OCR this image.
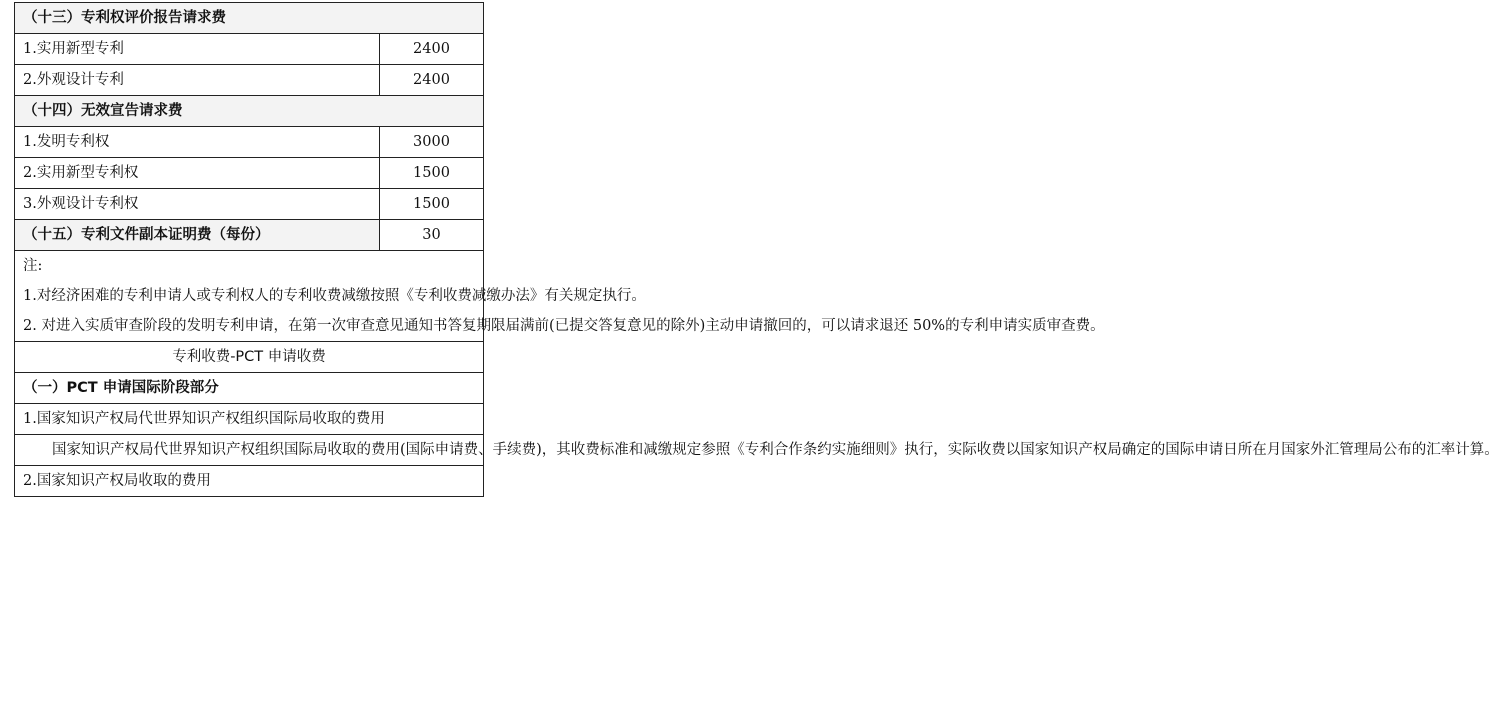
（十三）专利权评价报告请求费	
1.实用新型专利	2400
2.外观设计专利	2400
（十四）无效宣告请求费	
1.发明专利权	3000
2.实用新型专利权	1500
3.外观设计专利权	1500
（十五）专利文件副本证明费（每份）	30

注:

1.对经济困难的专利申请人或专利权人的专利收费减缴按照《专利收费减缴办法》有关规定执行。

2. 对进入实质审查阶段的发明专利申请，在第一次审查意见通知书答复期限届满前(已提交答复意见的除外)主动申请撤回的，可以请求退还 50%的专利申请实质审查费。	

专利收费-PCT 申请收费	
（一）PCT 申请国际阶段部分	
1.国家知识产权局代世界知识产权组织国际局收取的费用	

国家知识产权局代世界知识产权组织国际局收取的费用(国际申请费、手续费)，其收费标准和减缴规定参照《专利合作条约实施细则》执行，实际收费以国家知识产权局确定的国际申请日所在月国家外汇管理局公布的汇率计算。	

2.国家知识产权局收取的费用	
